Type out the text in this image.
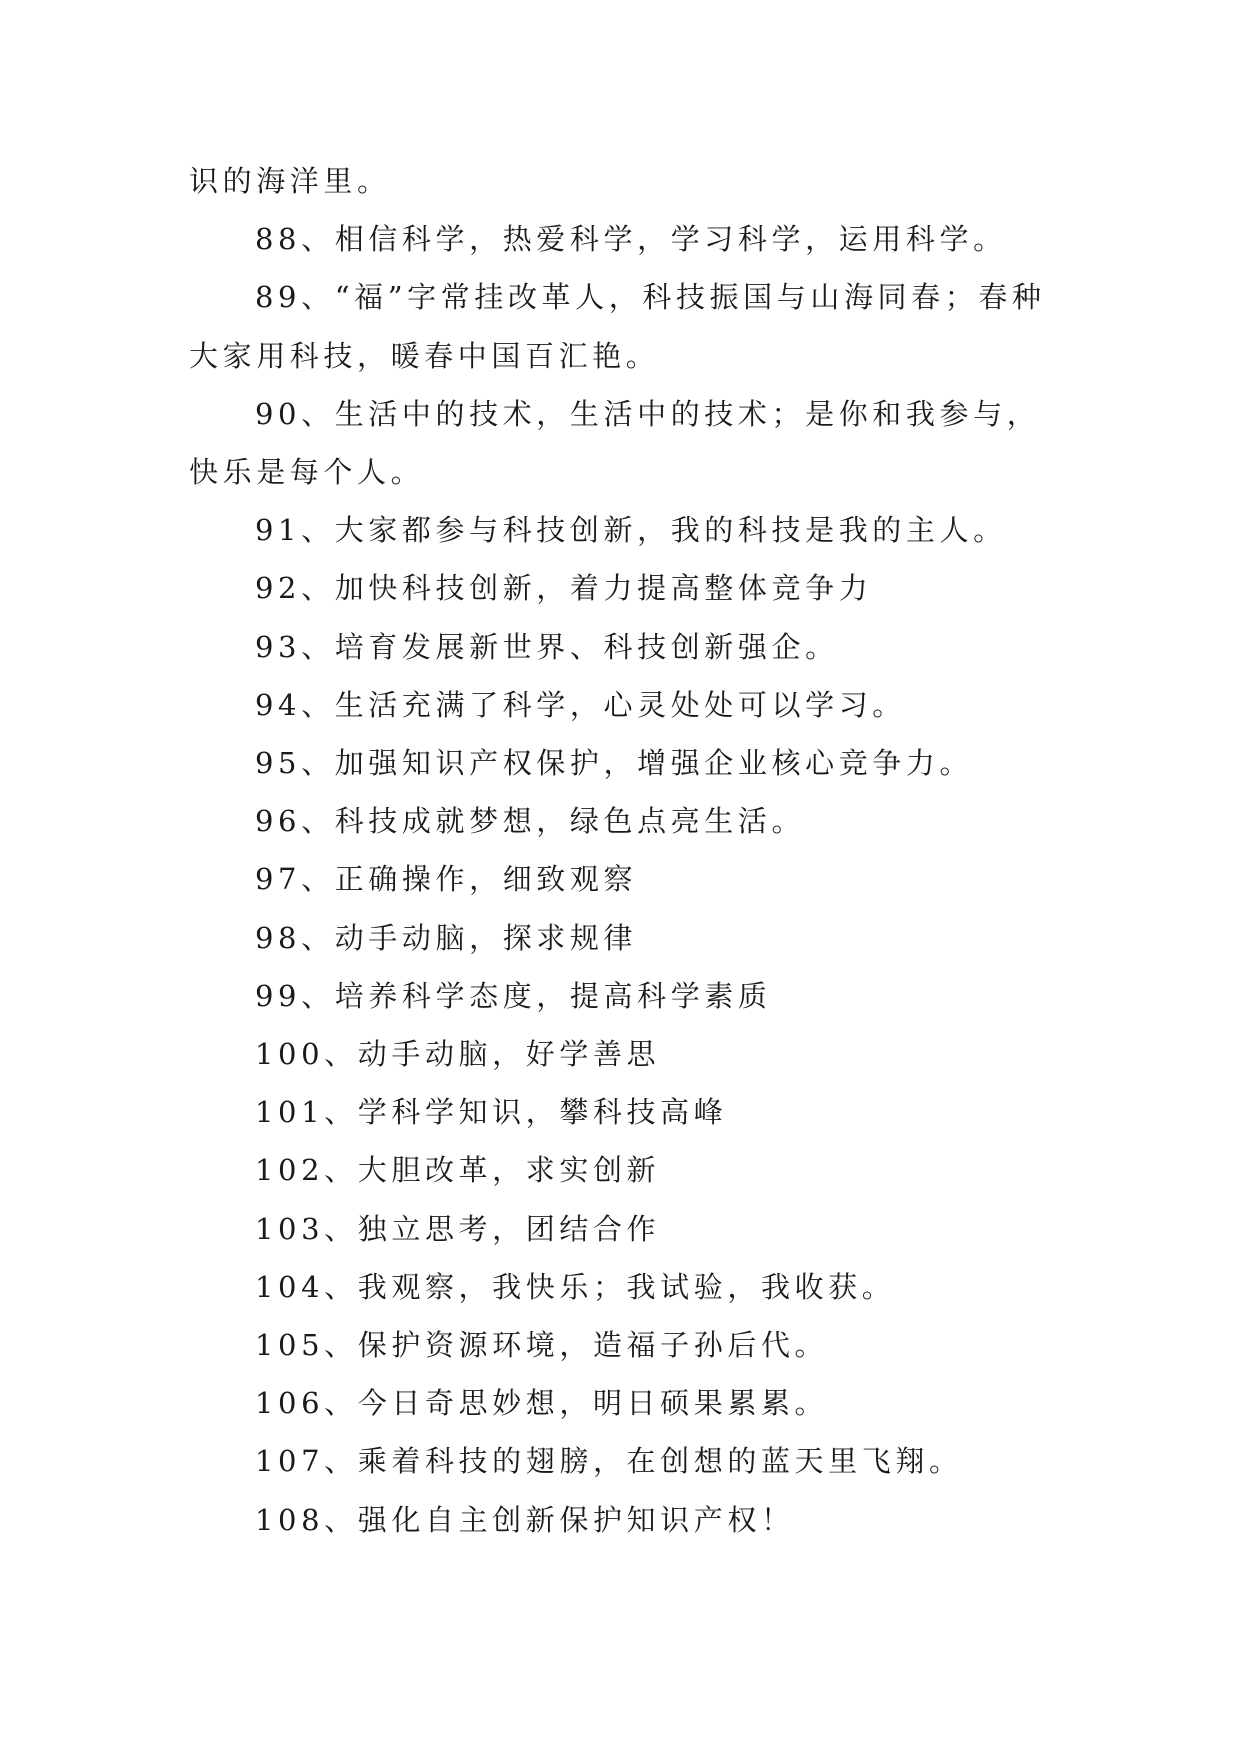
识的海洋里。

88、相信科学，热爱科学，学习科学，运用科学。

89、“福”字常挂改革人，科技振国与山海同春；春种大家用科技，暖春中国百汇艳。

90、生活中的技术，生活中的技术；是你和我参与，快乐是每个人。

91、大家都参与科技创新，我的科技是我的主人。

92、加快科技创新，着力提高整体竞争力

93、培育发展新世界、科技创新强企。

94、生活充满了科学，心灵处处可以学习。

95、加强知识产权保护，增强企业核心竞争力。

96、科技成就梦想，绿色点亮生活。

97、正确操作，细致观察

98、动手动脑，探求规律

99、培养科学态度，提高科学素质

100、动手动脑，好学善思

101、学科学知识，攀科技高峰

102、大胆改革，求实创新

103、独立思考，团结合作

104、我观察，我快乐；我试验，我收获。

105、保护资源环境，造福子孙后代。

106、今日奇思妙想，明日硕果累累。

107、乘着科技的翅膀，在创想的蓝天里飞翔。

108、强化自主创新保护知识产权！
